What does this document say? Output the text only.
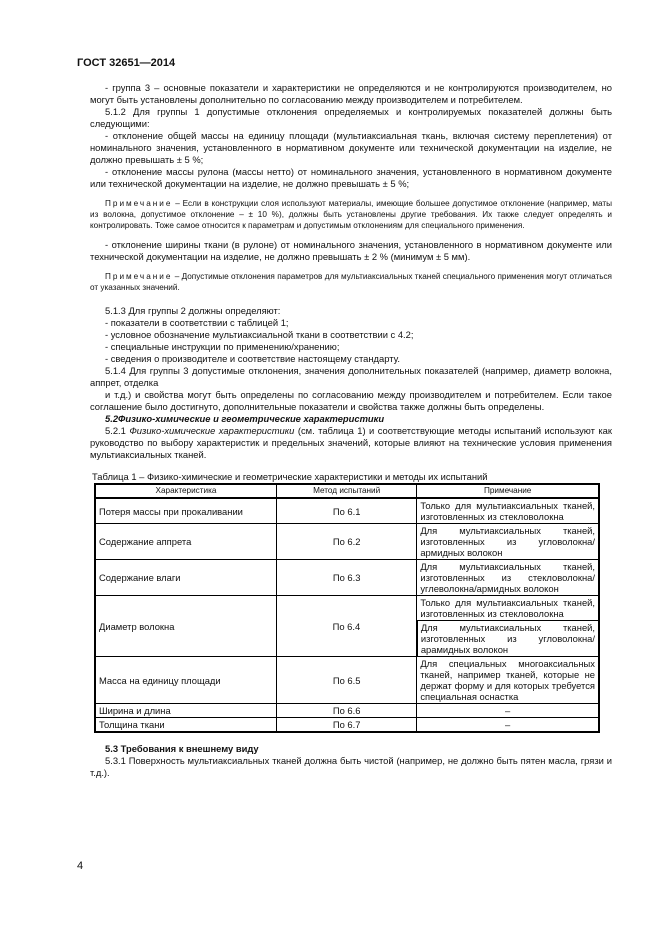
ГОСТ 32651—2014

- группа 3 – основные показатели и характеристики не определяются и не контролируются производителем, но могут быть установлены дополнительно по согласованию между производителем и потребителем.

5.1.2 Для группы 1 допустимые отклонения определяемых и контролируемых показателей должны быть следующими:

- отклонение общей массы на единицу площади (мультиаксиальная ткань, включая систему переплетения) от номинального значения, установленного в нормативном документе или технической документации на изделие, не должно превышать ± 5 %;

- отклонение массы рулона (массы нетто) от номинального значения, установленного в нормативном документе или технической документации на изделие, не должно превышать ± 5 %;

Примечание – Если в конструкции слоя используют материалы, имеющие большее допустимое отклонение (например, маты из волокна, допустимое отклонение – ± 10 %), должны быть установлены другие требования. Их также следует определять и контролировать. Тоже самое относится к параметрам и допустимым отклонениям для специального применения.

- отклонение ширины ткани (в рулоне) от номинального значения, установленного в нормативном документе или технической документации на изделие, не должно превышать ± 2 % (минимум ± 5 мм).

Примечание – Допустимые отклонения параметров для мультиаксиальных тканей специального применения могут отличаться от указанных значений.

5.1.3 Для группы 2 должны определяют:

- показатели в соответствии с таблицей 1;

- условное обозначение мультиаксиальной ткани в соответствии с 4.2;

- специальные инструкции по применению/хранению;

- сведения о производителе и соответствие настоящему стандарту.

5.1.4 Для группы 3 допустимые отклонения, значения дополнительных показателей (например, диаметр волокна, аппрет, отделка

и т.д.) и свойства могут быть определены по согласованию между производителем и потребителем. Если такое соглашение было достигнуто, дополнительные показатели и свойства также должны быть определены.

5.2Физико-химические и геометрические характеристики

5.2.1 Физико-химические характеристики (см. таблица 1) и соответствующие методы испытаний используют как руководство по выбору характеристик и предельных значений, которые влияют на технические условия применения мультиаксиальных тканей.

Таблица 1 – Физико-химические и геометрические характеристики и методы их испытаний

Характеристика	Метод испытаний	Примечание
Потеря массы при прокаливании	По 6.1	Только для мультиаксиальных тканей, изготовленных из стекловолокна
Содержание аппрета	По 6.2	Для мультиаксиальных тканей, изготовленных из угловолокна/армидных волокон
Содержание влаги	По 6.3	Для мультиаксиальных тканей, изготовленных из стекловолокна/углеволокна/армидных волокон
Диаметр волокна	По 6.4	Только для мультиаксиальных тканей, изготовленных из стекловолокна
		Для мультиаксиальных тканей, изготовленных из угловолокна/арамидных волокон
Масса на единицу площади	По 6.5	Для специальных многоаксиальных тканей, например тканей, которые не держат форму и для которых требуется специальная оснастка
Ширина и длина	По 6.6	–
Толщина ткани	По 6.7	–

5.3 Требования к внешнему виду

5.3.1 Поверхность мультиаксиальных тканей должна быть чистой (например, не должно быть пятен масла, грязи и т.д.).

4
